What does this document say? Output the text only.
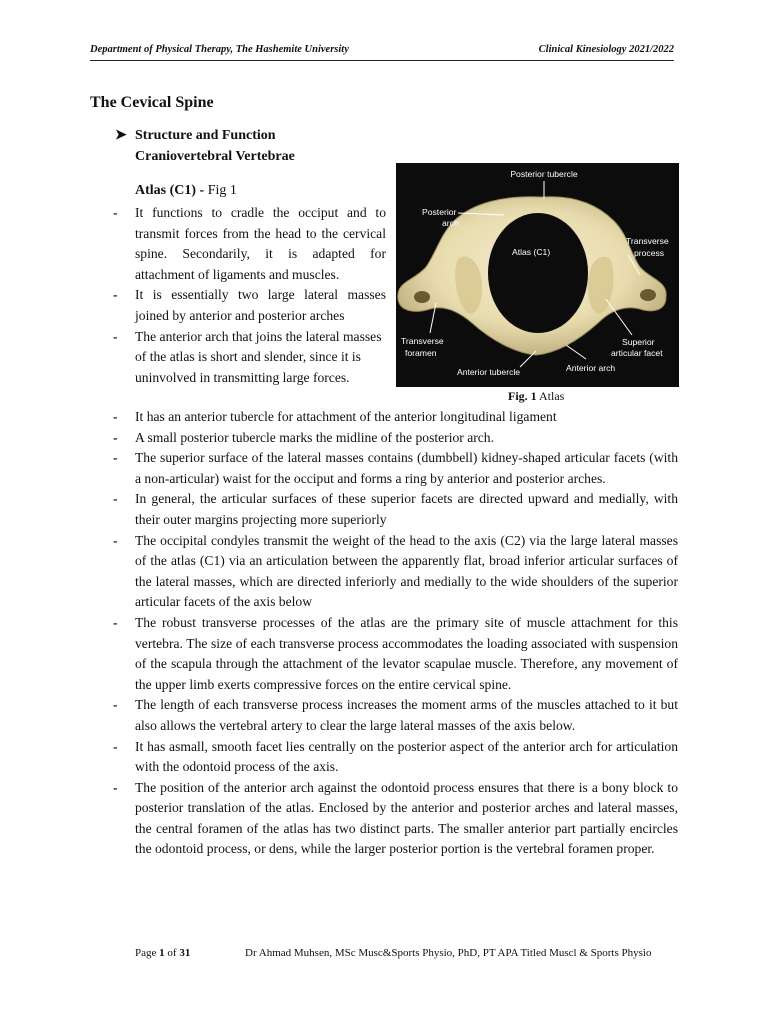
Department of Physical Therapy, The Hashemite University	Clinical Kinesiology 2021/2022
The Cevical Spine
➤ Structure and Function
Craniovertebral Vertebrae
Atlas (C1) - Fig 1
- It functions to cradle the occiput and to transmit forces from the head to the cervical spine. Secondarily, it is adapted for attachment of ligaments and muscles.
- It is essentially two large lateral masses joined by anterior and posterior arches
- The anterior arch that joins the lateral masses of the atlas is short and slender, since it is uninvolved in transmitting large forces.
Posterior tubercle
Posterior
arch
Atlas (C1)
Transverse
process
Transverse
foramen
Superior
articular facet
Anterior tubercle	Anterior arch
Fig. 1 Atlas
- It has an anterior tubercle for attachment of the anterior longitudinal ligament
- A small posterior tubercle marks the midline of the posterior arch.
- The superior surface of the lateral masses contains (dumbbell) kidney-shaped articular facets (with a non-articular) waist for the occiput and forms a ring by anterior and posterior arches.
- In general, the articular surfaces of these superior facets are directed upward and medially, with their outer margins projecting more superiorly
- The occipital condyles transmit the weight of the head to the axis (C2) via the large lateral masses of the atlas (C1) via an articulation between the apparently flat, broad inferior articular surfaces of the lateral masses, which are directed inferiorly and medially to the wide shoulders of the superior articular facets of the axis below
- The robust transverse processes of the atlas are the primary site of muscle attachment for this vertebra. The size of each transverse process accommodates the loading associated with suspension of the scapula through the attachment of the levator scapulae muscle. Therefore, any movement of the upper limb exerts compressive forces on the entire cervical spine.
- The length of each transverse process increases the moment arms of the muscles attached to it but also allows the vertebral artery to clear the large lateral masses of the axis below.
- It has asmall, smooth facet lies centrally on the posterior aspect of the anterior arch for articulation with the odontoid process of the axis.
- The position of the anterior arch against the odontoid process ensures that there is a bony block to posterior translation of the atlas. Enclosed by the anterior and posterior arches and lateral masses, the central foramen of the atlas has two distinct parts. The smaller anterior part partially encircles the odontoid process, or dens, while the larger posterior portion is the vertebral foramen proper.
Page 1 of 31	Dr Ahmad Muhsen, MSc Musc&Sports Physio, PhD, PT APA Titled Muscl & Sports Physio
